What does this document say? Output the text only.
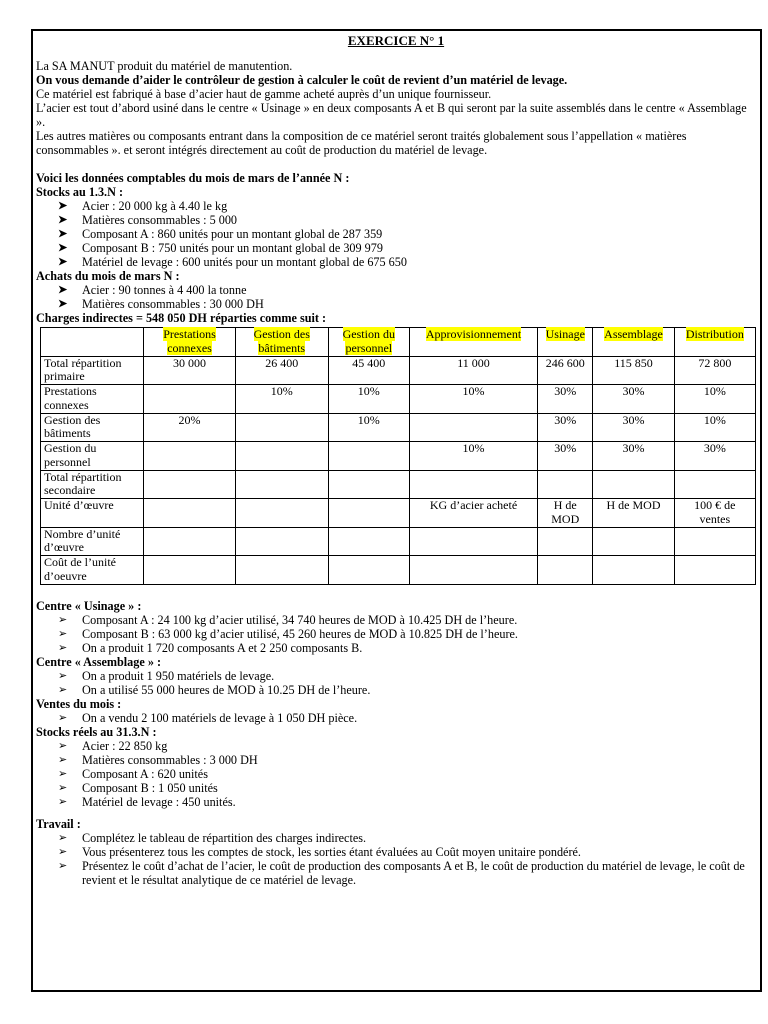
EXERCICE N° 1

La SA MANUT produit du matériel de manutention.

On vous demande d’aider le contrôleur de gestion à calculer le coût de revient d’un matériel de levage.

Ce matériel est fabriqué à base d’acier haut de gamme acheté auprès d’un unique fournisseur.

L’acier est tout d’abord usiné dans le centre « Usinage » en deux composants A et B qui seront par la suite assemblés dans le centre « Assemblage ».

Les autres matières ou composants entrant dans la composition de ce matériel seront traités globalement sous l’appellation « matières consommables ». et seront intégrés directement au coût de production du matériel de levage.

Voici les données comptables du mois de mars de l’année N :

Stocks au 1.3.N :

➤ Acier : 20 000 kg à 4.40 le kg
➤ Matières consommables : 5 000
➤ Composant A : 860 unités pour un montant global de 287 359
➤ Composant B : 750 unités pour un montant global de 309 979
➤ Matériel de levage : 600 unités pour un montant global de 675 650

Achats du mois de mars N :

➤ Acier : 90 tonnes à 4 400 la tonne
➤ Matières consommables : 30 000 DH

Charges indirectes = 548 050 DH réparties comme suit :

	Prestations connexes	Gestion des bâtiments	Gestion du personnel	Approvisionnement	Usinage	Assemblage	Distribution
Total répartition primaire	30 000	26 400	45 400	11 000	246 600	115 850	72 800
Prestations connexes		10%	10%	10%	30%	30%	10%
Gestion des bâtiments	20%		10%		30%	30%	10%
Gestion du personnel				10%	30%	30%	30%
Total répartition secondaire							
Unité d’œuvre				KG d’acier acheté	H de MOD	H de MOD	100 € de ventes
Nombre d’unité d’œuvre							
Coût de l’unité d’oeuvre							

Centre « Usinage » :

➢ Composant A : 24 100 kg d’acier utilisé, 34 740 heures de MOD à 10.425 DH de l’heure.
➢ Composant B : 63 000 kg d’acier utilisé, 45 260 heures de MOD à 10.825 DH de l’heure.
➢ On a produit 1 720 composants A et 2 250 composants B.

Centre « Assemblage » :

➢ On a produit 1 950 matériels de levage.
➢ On a utilisé 55 000 heures de MOD à 10.25 DH de l’heure.

Ventes du mois :

➢ On a vendu 2 100 matériels de levage à 1 050 DH pièce.

Stocks réels au 31.3.N :

➢ Acier : 22 850 kg
➢ Matières consommables : 3 000 DH
➢ Composant A : 620 unités
➢ Composant B : 1 050 unités
➢ Matériel de levage : 450 unités.

Travail :

➢ Complétez le tableau de répartition des charges indirectes.
➢ Vous présenterez tous les comptes de stock, les sorties étant évaluées au Coût moyen unitaire pondéré.
➢ Présentez le coût d’achat de l’acier, le coût de production des composants A et B, le coût de production du matériel de levage, le coût de revient et le résultat analytique de ce matériel de levage.
